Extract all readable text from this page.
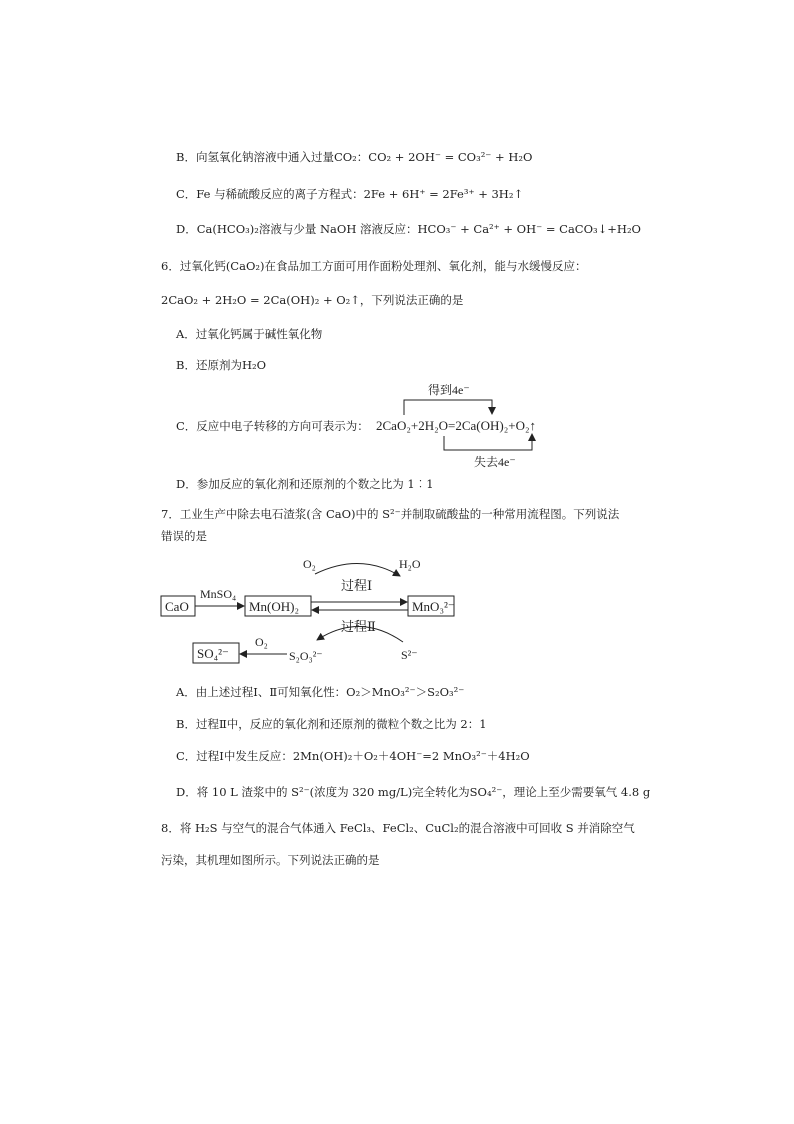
B．向氢氧化钠溶液中通入过量CO₂：CO₂ + 2OH⁻ = CO₃²⁻ + H₂O
C．Fe 与稀硫酸反应的离子方程式：2Fe + 6H⁺ = 2Fe³⁺ + 3H₂↑
D．Ca(HCO₃)₂溶液与少量 NaOH 溶液反应：HCO₃⁻ + Ca²⁺ + OH⁻ = CaCO₃↓+H₂O
6．过氧化钙(CaO₂)在食品加工方面可用作面粉处理剂、氧化剂，能与水缓慢反应：
2CaO₂ + 2H₂O = 2Ca(OH)₂ + O₂↑，下列说法正确的是
A．过氧化钙属于碱性氧化物
B．还原剂为H₂O
C．反应中电子转移的方向可表示为：
得到4e⁻
2CaO₂+2H₂O=2Ca(OH)₂+O₂↑
失去4e⁻
D．参加反应的氧化剂和还原剂的个数之比为 1︰1
7．工业生产中除去电石渣浆(含 CaO)中的 S²⁻并制取硫酸盐的一种常用流程图。下列说法
错误的是
CaO
MnSO₄
Mn(OH)₂	MnO₃²⁻
O₂	H₂O
过程Ⅰ
过程Ⅱ
S²⁻
S₂O₃²⁻
O₂
SO₄²⁻
A．由上述过程Ⅰ、Ⅱ可知氧化性：O₂＞MnO₃²⁻＞S₂O₃²⁻
B．过程Ⅱ中，反应的氧化剂和还原剂的微粒个数之比为 2：1
C．过程Ⅰ中发生反应：2Mn(OH)₂＋O₂＋4OH⁻=2 MnO₃²⁻＋4H₂O
D．将 10 L 渣浆中的 S²⁻(浓度为 320 mg/L)完全转化为SO₄²⁻，理论上至少需要氧气 4.8 g
8．将 H₂S 与空气的混合气体通入 FeCl₃、FeCl₂、CuCl₂的混合溶液中可回收 S 并消除空气
污染，其机理如图所示。下列说法正确的是
